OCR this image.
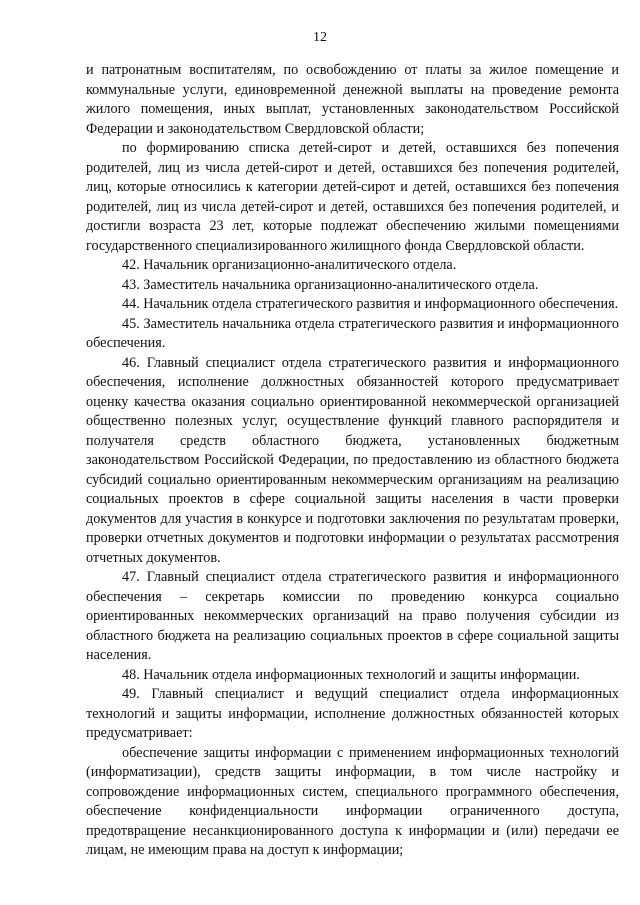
12

и патронатным воспитателям, по освобождению от платы за жилое помещение и коммунальные услуги, единовременной денежной выплаты на проведение ремонта жилого помещения, иных выплат, установленных законодательством Российской Федерации и законодательством Свердловской области;

по формированию списка детей-сирот и детей, оставшихся без попечения родителей, лиц из числа детей-сирот и детей, оставшихся без попечения родителей, лиц, которые относились к категории детей-сирот и детей, оставшихся без попечения родителей, лиц из числа детей-сирот и детей, оставшихся без попечения родителей, и достигли возраста 23 лет, которые подлежат обеспечению жилыми помещениями государственного специализированного жилищного фонда Свердловской области.

42. Начальник организационно-аналитического отдела.

43. Заместитель начальника организационно-аналитического отдела.

44. Начальник отдела стратегического развития и информационного обеспечения.

45. Заместитель начальника отдела стратегического развития и информационного обеспечения.

46. Главный специалист отдела стратегического развития и информационного обеспечения, исполнение должностных обязанностей которого предусматривает оценку качества оказания социально ориентированной некоммерческой организацией общественно полезных услуг, осуществление функций главного распорядителя и получателя средств областного бюджета, установленных бюджетным законодательством Российской Федерации, по предоставлению из областного бюджета субсидий социально ориентированным некоммерческим организациям на реализацию социальных проектов в сфере социальной защиты населения в части проверки документов для участия в конкурсе и подготовки заключения по результатам проверки, проверки отчетных документов и подготовки информации о результатах рассмотрения отчетных документов.

47. Главный специалист отдела стратегического развития и информационного обеспечения – секретарь комиссии по проведению конкурса социально ориентированных некоммерческих организаций на право получения субсидии из областного бюджета на реализацию социальных проектов в сфере социальной защиты населения.

48. Начальник отдела информационных технологий и защиты информации.

49. Главный специалист и ведущий специалист отдела информационных технологий и защиты информации, исполнение должностных обязанностей которых предусматривает:

обеспечение защиты информации с применением информационных технологий (информатизации), средств защиты информации, в том числе настройку и сопровождение информационных систем, специального программного обеспечения, обеспечение конфиденциальности информации ограниченного доступа, предотвращение несанкционированного доступа к информации и (или) передачи ее лицам, не имеющим права на доступ к информации;
